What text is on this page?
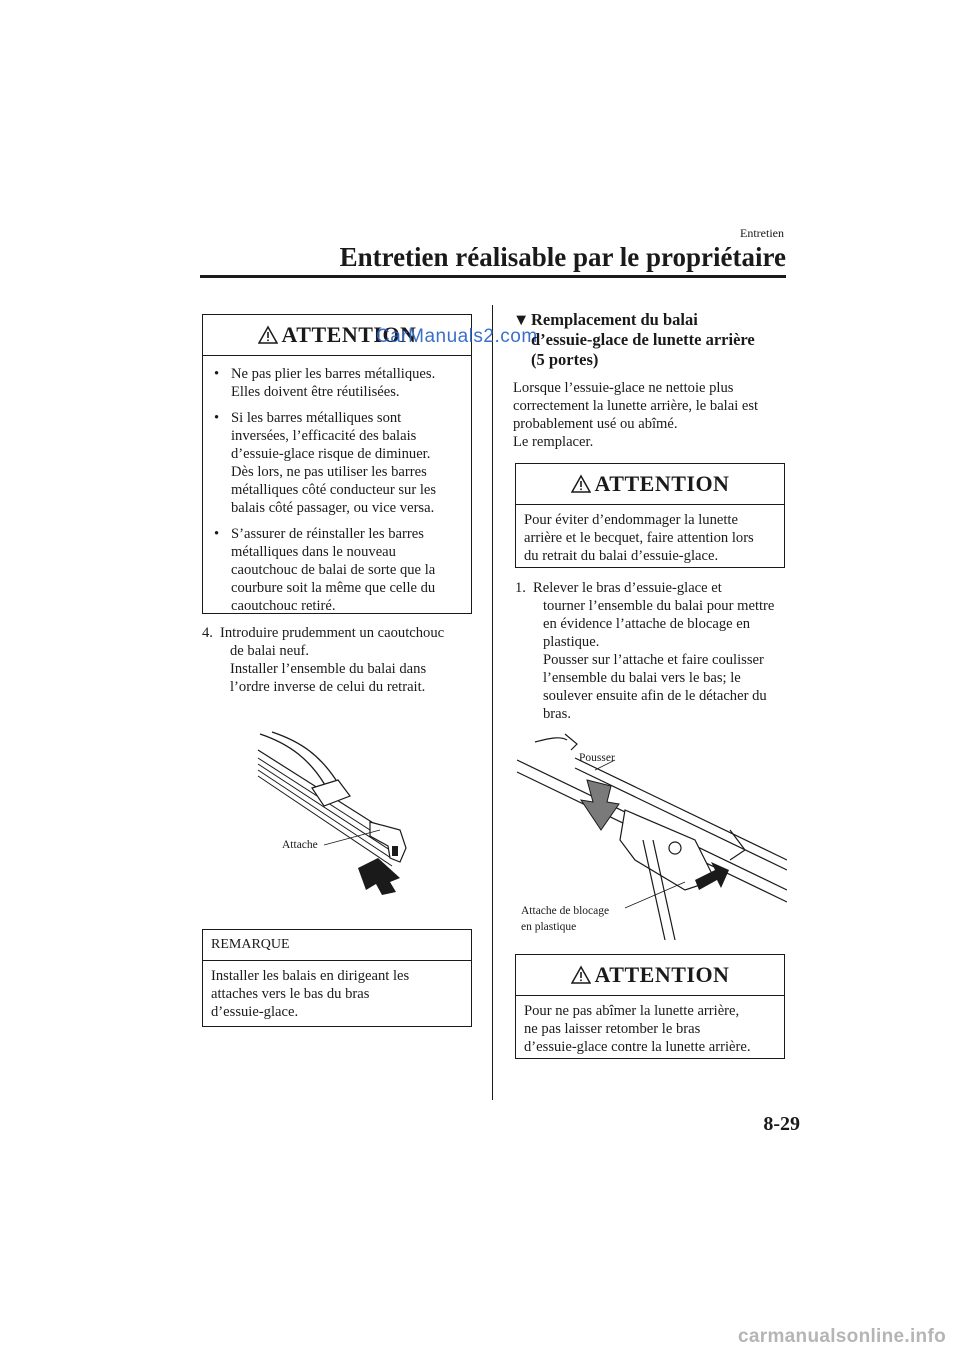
Entretien
Entretien réalisable par le propriétaire
ATTENTION
• Ne pas plier les barres métalliques.
Elles doivent être réutilisées.
• Si les barres métalliques sont
inversées, l’efficacité des balais
d’essuie-glace risque de diminuer.
Dès lors, ne pas utiliser les barres
métalliques côté conducteur sur les
balais côté passager, ou vice versa.
• S’assurer de réinstaller les barres
métalliques dans le nouveau
caoutchouc de balai de sorte que la
courbure soit la même que celle du
caoutchouc retiré.
CarManuals2.com
4. Introduire prudemment un caoutchouc
de balai neuf.
Installer l’ensemble du balai dans
l’ordre inverse de celui du retrait.
Attache
REMARQUE
Installer les balais en dirigeant les
attaches vers le bas du bras
d’essuie-glace.
▼ Remplacement du balai
d’essuie-glace de lunette arrière
(5 portes)
Lorsque l’essuie-glace ne nettoie plus
correctement la lunette arrière, le balai est
probablement usé ou abîmé.
Le remplacer.
ATTENTION
Pour éviter d’endommager la lunette
arrière et le becquet, faire attention lors
du retrait du balai d’essuie-glace.
1. Relever le bras d’essuie-glace et
tourner l’ensemble du balai pour mettre
en évidence l’attache de blocage en
plastique.
Pousser sur l’attache et faire coulisser
l’ensemble du balai vers le bas; le
soulever ensuite afin de le détacher du
bras.
Pousser
Attache de blocage
en plastique
ATTENTION
Pour ne pas abîmer la lunette arrière,
ne pas laisser retomber le bras
d’essuie-glace contre la lunette arrière.
8-29
carmanualsonline.info
